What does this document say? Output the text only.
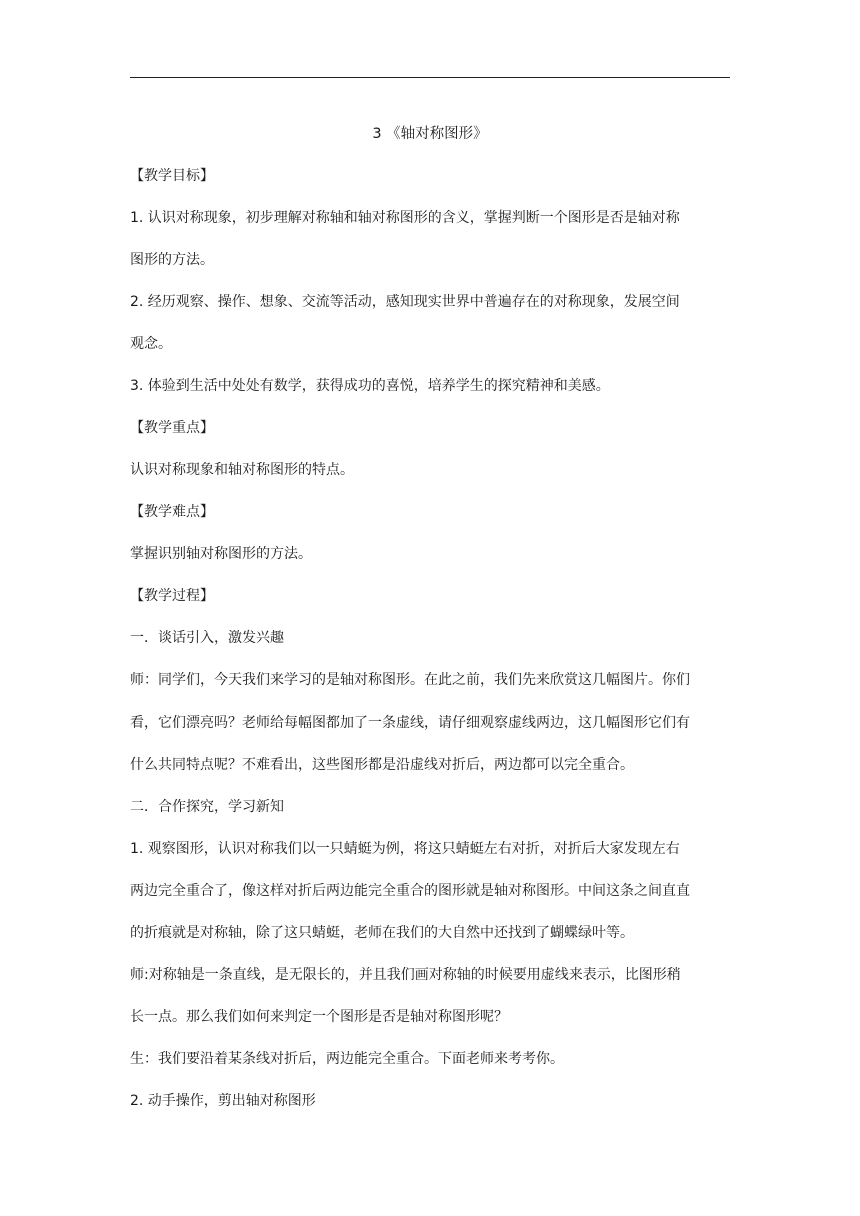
3 《轴对称图形》
【教学目标】
1. 认识对称现象，初步理解对称轴和轴对称图形的含义，掌握判断一个图形是否是轴对称
图形的方法。
2. 经历观察、操作、想象、交流等活动，感知现实世界中普遍存在的对称现象，发展空间
观念。
3. 体验到生活中处处有数学，获得成功的喜悦，培养学生的探究精神和美感。
【教学重点】
认识对称现象和轴对称图形的特点。
【教学难点】
掌握识别轴对称图形的方法。
【教学过程】
一．谈话引入，激发兴趣
师：同学们，今天我们来学习的是轴对称图形。在此之前，我们先来欣赏这几幅图片。你们
看，它们漂亮吗？老师给每幅图都加了一条虚线，请仔细观察虚线两边，这几幅图形它们有
什么共同特点呢？不难看出，这些图形都是沿虚线对折后，两边都可以完全重合。
二．合作探究，学习新知
1. 观察图形，认识对称我们以一只蜻蜓为例，将这只蜻蜓左右对折，对折后大家发现左右
两边完全重合了，像这样对折后两边能完全重合的图形就是轴对称图形。中间这条之间直直
的折痕就是对称轴，除了这只蜻蜓，老师在我们的大自然中还找到了蝴蝶绿叶等。
师:对称轴是一条直线，是无限长的，并且我们画对称轴的时候要用虚线来表示，比图形稍
长一点。那么我们如何来判定一个图形是否是轴对称图形呢？
生：我们要沿着某条线对折后，两边能完全重合。下面老师来考考你。
2. 动手操作，剪出轴对称图形
